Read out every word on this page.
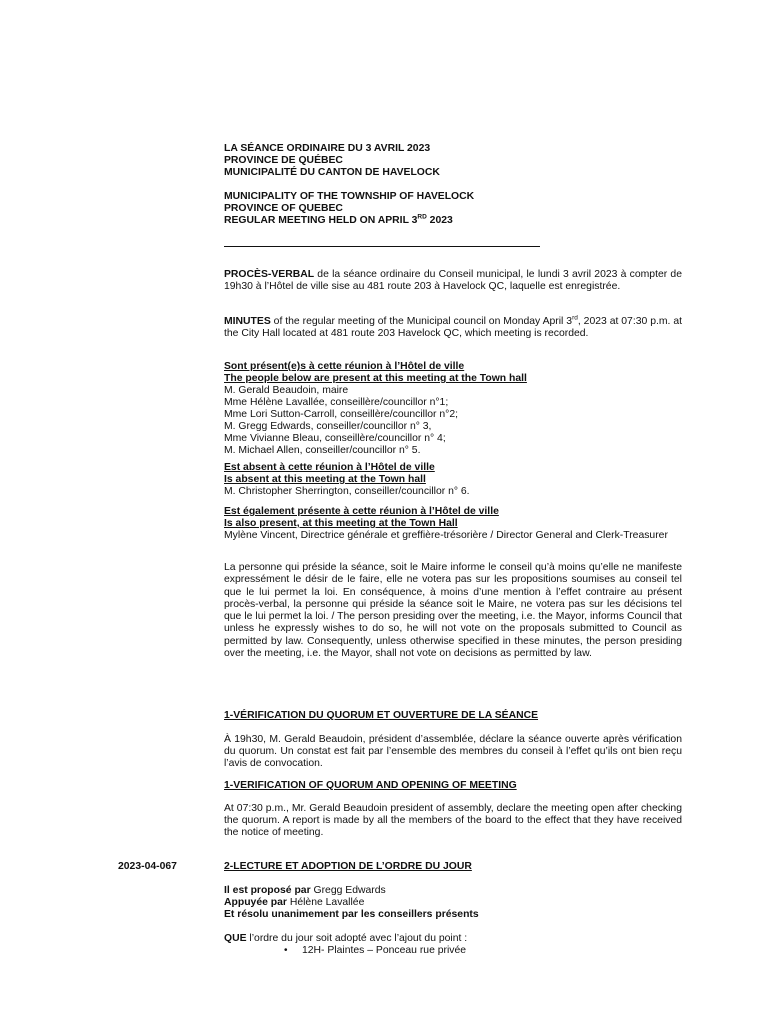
LA SÉANCE ORDINAIRE DU 3 AVRIL 2023

PROVINCE DE QUÉBEC

MUNICIPALITÉ DU CANTON DE HAVELOCK

MUNICIPALITY OF THE TOWNSHIP OF HAVELOCK

PROVINCE OF QUEBEC

REGULAR MEETING HELD ON APRIL 3RD 2023

PROCÈS-VERBAL de la séance ordinaire du Conseil municipal, le lundi 3 avril 2023 à compter de 19h30 à l’Hôtel de ville sise au 481 route 203 à Havelock QC, laquelle est enregistrée.
MINUTES of the regular meeting of the Municipal council on Monday April 3rd, 2023 at 07:30 p.m. at the City Hall located at 481 route 203 Havelock QC, which meeting is recorded.

Sont présent(e)s à cette réunion à l’Hôtel de ville

The people below are present at this meeting at the Town hall

M. Gerald Beaudoin, maire

Mme Hélène Lavallée, conseillère/councillor n°1;

Mme Lori Sutton-Carroll, conseillère/councillor n°2;

M. Gregg Edwards, conseiller/councillor n° 3,

Mme Vivianne Bleau, conseillère/councillor n° 4;

M. Michael Allen, conseiller/councillor n° 5.

Est absent à cette réunion à l’Hôtel de ville

Is absent at this meeting at the Town hall

M. Christopher Sherrington, conseiller/councillor n° 6.

Est également présente à cette réunion à l’Hôtel de ville

Is also present, at this meeting at the Town Hall

Mylène Vincent, Directrice générale et greffière-trésorière / Director General and Clerk-Treasurer

La personne qui préside la séance, soit le Maire informe le conseil qu’à moins qu’elle ne manifeste expressément le désir de le faire, elle ne votera pas sur les propositions soumises au conseil tel que le lui permet la loi. En conséquence, à moins d’une mention à l’effet contraire au présent procès-verbal, la personne qui préside la séance soit le Maire, ne votera pas sur les décisions tel que le lui permet la loi. / The person presiding over the meeting, i.e. the Mayor, informs Council that unless he expressly wishes to do so, he will not vote on the proposals submitted to Council as permitted by law. Consequently, unless otherwise specified in these minutes, the person presiding over the meeting, i.e. the Mayor, shall not vote on decisions as permitted by law.

1-VÉRIFICATION DU QUORUM ET OUVERTURE DE LA SÉANCE

À 19h30, M. Gerald Beaudoin, président d’assemblée, déclare la séance ouverte après vérification du quorum. Un constat est fait par l’ensemble des membres du conseil à l’effet qu’ils ont bien reçu l’avis de convocation.

1-VERIFICATION OF QUORUM AND OPENING OF MEETING

At 07:30 p.m., Mr. Gerald Beaudoin president of assembly, declare the meeting open after checking the quorum. A report is made by all the members of the board to the effect that they have received the notice of meeting.
2023-04-067	2-LECTURE ET ADOPTION DE L’ORDRE DU JOUR

Il est proposé par Gregg Edwards

Appuyée par Hélène Lavallée

Et résolu unanimement par les conseillers présents

QUE l’ordre du jour soit adopté avec l’ajout du point :
• 12H- Plaintes – Ponceau rue privée
